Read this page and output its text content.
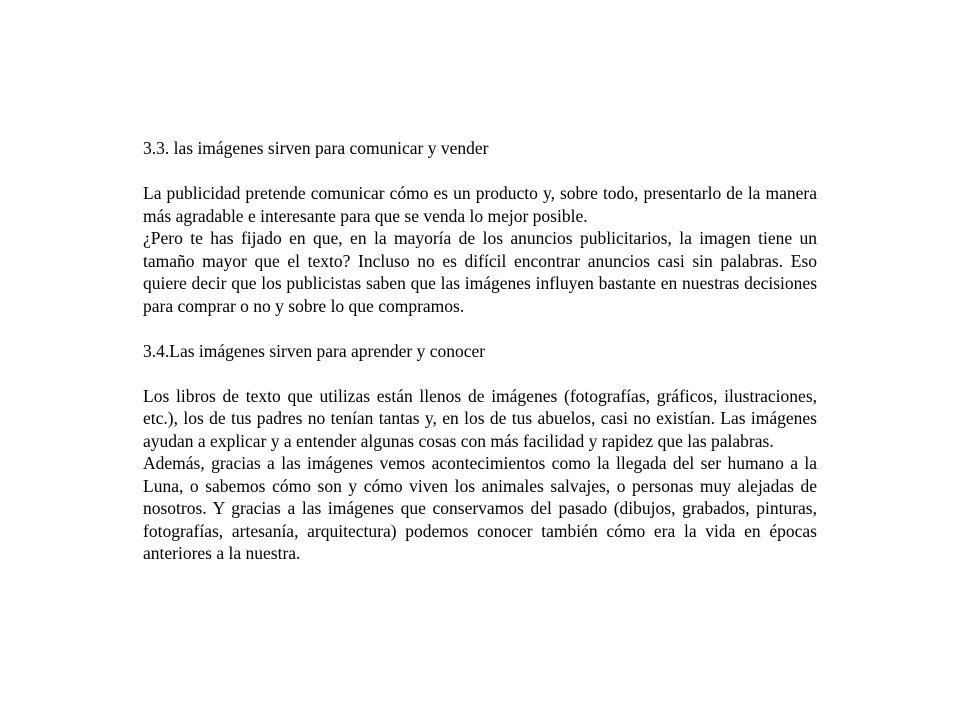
3.3. las imágenes sirven para comunicar y vender

La publicidad pretende comunicar cómo es un producto y, sobre todo, presentarlo de la manera más agradable e interesante para que se venda lo mejor posible.

¿Pero te has fijado en que, en la mayoría de los anuncios publicitarios, la imagen tiene un tamaño mayor que el texto? Incluso no es difícil encontrar anuncios casi sin palabras. Eso quiere decir que los publicistas saben que las imágenes influyen bastante en nuestras decisiones para comprar o no y sobre lo que compramos.

3.4.Las imágenes sirven para aprender y conocer

Los libros de texto que utilizas están llenos de imágenes (fotografías, gráficos, ilustraciones, etc.), los de tus padres no tenían tantas y, en los de tus abuelos, casi no existían. Las imágenes ayudan a explicar y a entender algunas cosas con más facilidad y rapidez que las palabras.

Además, gracias a las imágenes vemos acontecimientos como la llegada del ser humano a la Luna, o sabemos cómo son y cómo viven los animales salvajes, o personas muy alejadas de nosotros. Y gracias a las imágenes que conservamos del pasado (dibujos, grabados, pinturas, fotografías, artesanía, arquitectura) podemos conocer también cómo era la vida en épocas anteriores a la nuestra.
